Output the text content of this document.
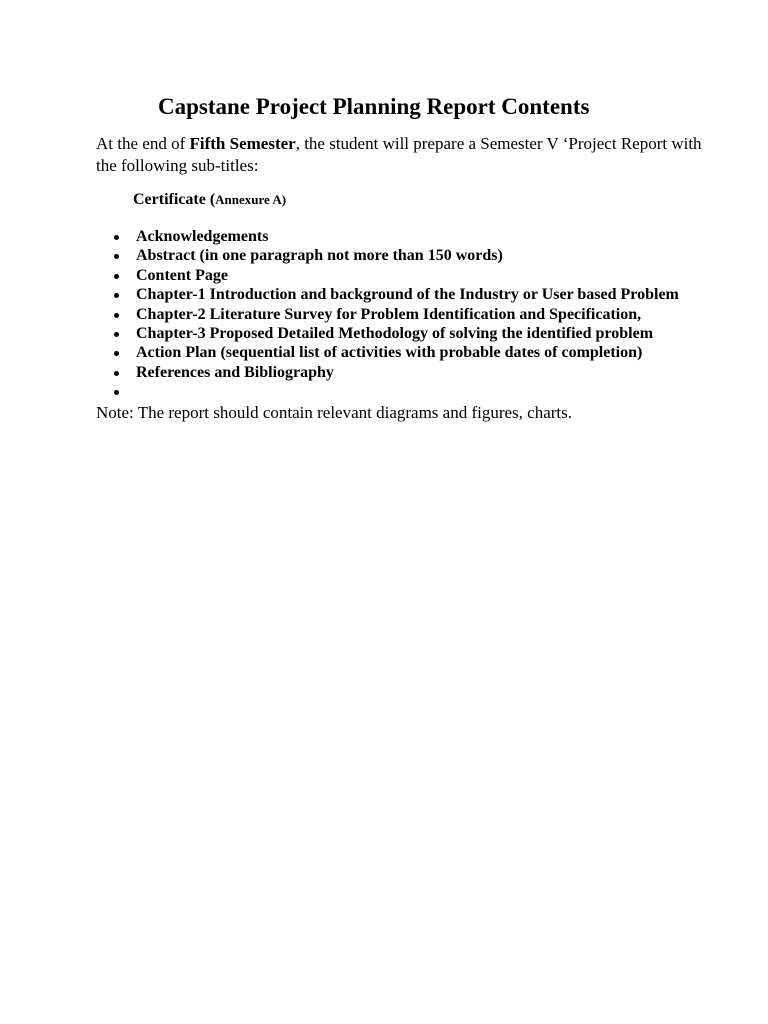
Capstane Project Planning Report Contents

At the end of Fifth Semester, the student will prepare a Semester V ‘Project Report with the following sub-titles:

Certificate (Annexure A)

Acknowledgements
Abstract (in one paragraph not more than 150 words)
Content Page
Chapter-1 Introduction and background of the Industry or User based Problem
Chapter-2 Literature Survey for Problem Identification and Specification,
Chapter-3 Proposed Detailed Methodology of solving the identified problem
Action Plan (sequential list of activities with probable dates of completion)
References and Bibliography

Note: The report should contain relevant diagrams and figures, charts.
